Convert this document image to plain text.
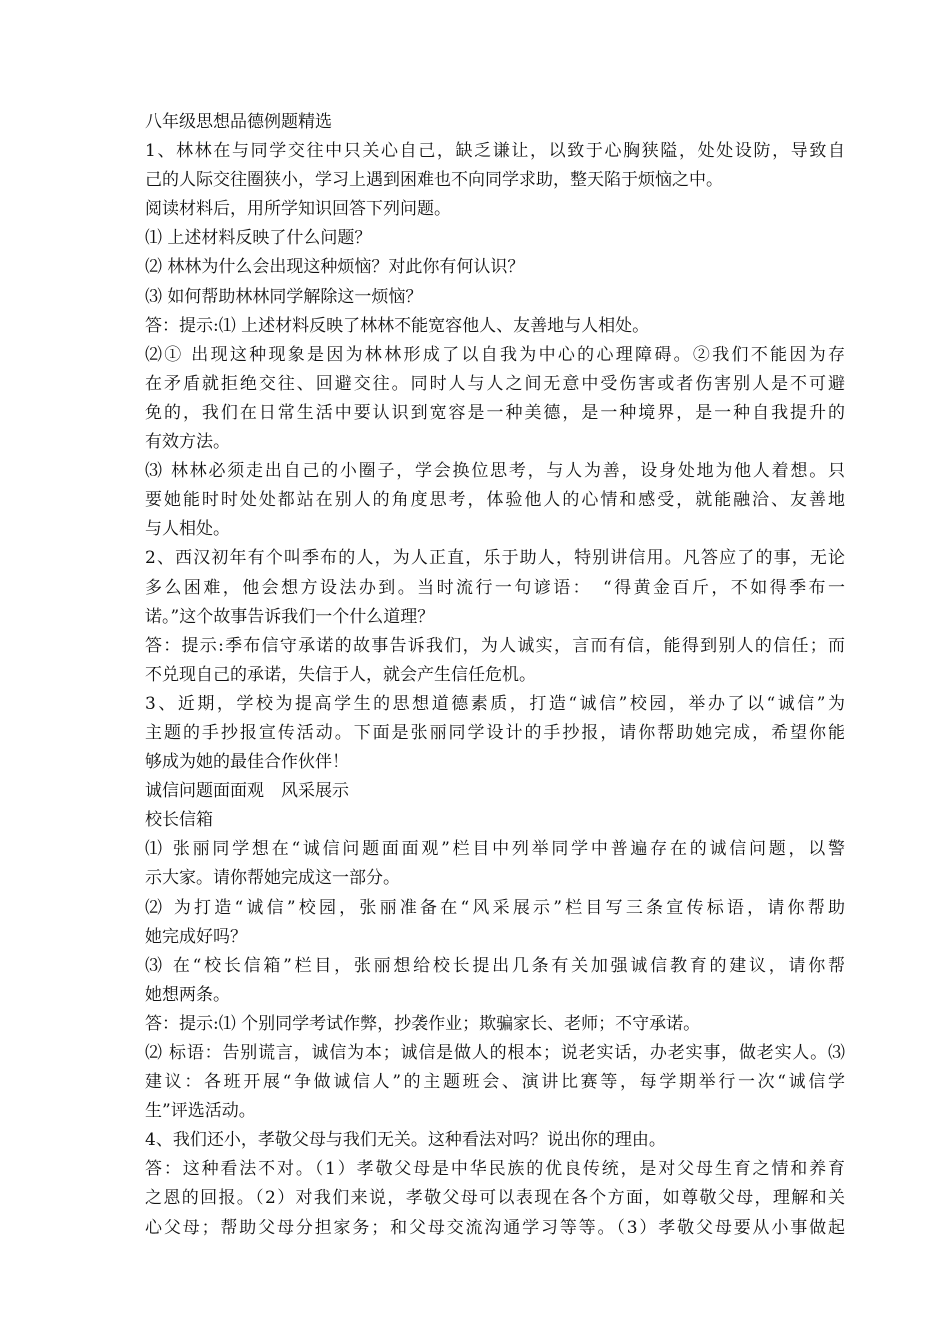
八年级思想品德例题精选
1、林林在与同学交往中只关心自己，缺乏谦让，以致于心胸狭隘，处处设防，导致自
己的人际交往圈狭小，学习上遇到困难也不向同学求助，整天陷于烦恼之中。
阅读材料后，用所学知识回答下列问题。
⑴ 上述材料反映了什么问题？
⑵ 林林为什么会出现这种烦恼？对此你有何认识？
⑶ 如何帮助林林同学解除这一烦恼？
答：提示:⑴ 上述材料反映了林林不能宽容他人、友善地与人相处。
⑵① 出现这种现象是因为林林形成了以自我为中心的心理障碍。②我们不能因为存
在矛盾就拒绝交往、回避交往。同时人与人之间无意中受伤害或者伤害别人是不可避
免的，我们在日常生活中要认识到宽容是一种美德，是一种境界，是一种自我提升的
有效方法。
⑶ 林林必须走出自己的小圈子，学会换位思考，与人为善，设身处地为他人着想。只
要她能时时处处都站在别人的角度思考，体验他人的心情和感受，就能融洽、友善地
与人相处。
2、西汉初年有个叫季布的人，为人正直，乐于助人，特别讲信用。凡答应了的事，无论
多么困难，他会想方设法办到。当时流行一句谚语：　“得黄金百斤，不如得季布一
诺。”这个故事告诉我们一个什么道理？
答：提示:季布信守承诺的故事告诉我们，为人诚实，言而有信，能得到别人的信任；而
不兑现自己的承诺，失信于人，就会产生信任危机。
3、近期，学校为提高学生的思想道德素质，打造“诚信”校园，举办了以“诚信”为
主题的手抄报宣传活动。下面是张丽同学设计的手抄报，请你帮助她完成，希望你能
够成为她的最佳合作伙伴！
诚信问题面面观　风采展示
校长信箱
⑴ 张丽同学想在“诚信问题面面观”栏目中列举同学中普遍存在的诚信问题，以警
示大家。请你帮她完成这一部分。
⑵ 为打造“诚信”校园，张丽准备在“风采展示”栏目写三条宣传标语，请你帮助
她完成好吗？
⑶ 在“校长信箱”栏目，张丽想给校长提出几条有关加强诚信教育的建议，请你帮
她想两条。
答：提示:⑴ 个别同学考试作弊，抄袭作业；欺骗家长、老师；不守承诺。
⑵ 标语：告别谎言，诚信为本；诚信是做人的根本；说老实话，办老实事，做老实人。⑶
建议：各班开展“争做诚信人”的主题班会、演讲比赛等，每学期举行一次“诚信学
生”评选活动。
4、我们还小，孝敬父母与我们无关。这种看法对吗？说出你的理由。
答：这种看法不对。（1）孝敬父母是中华民族的优良传统，是对父母生育之情和养育
之恩的回报。（2）对我们来说，孝敬父母可以表现在各个方面，如尊敬父母，理解和关
心父母；帮助父母分担家务；和父母交流沟通学习等等。（3）孝敬父母要从小事做起
